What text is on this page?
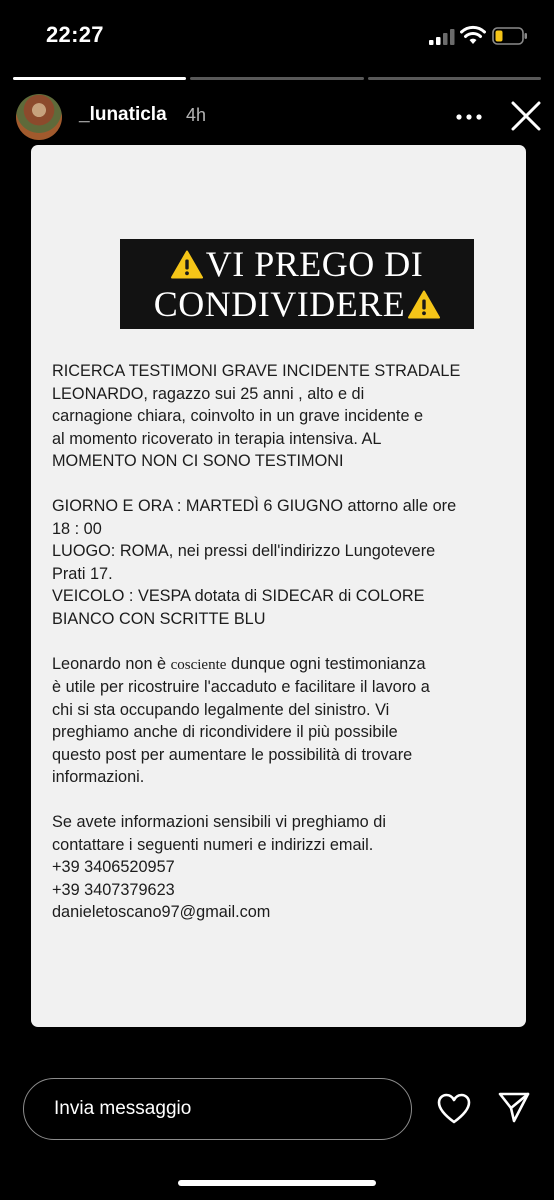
22:27
_lunaticla 4h
VI PREGO DI
CONDIVIDERE

RICERCA TESTIMONI GRAVE INCIDENTE STRADALE
LEONARDO, ragazzo sui 25 anni , alto e di
carnagione chiara, coinvolto in un grave incidente e
al momento ricoverato in terapia intensiva. AL
MOMENTO NON CI SONO TESTIMONI

GIORNO E ORA : MARTEDÌ 6 GIUGNO attorno alle ore
18 : 00
LUOGO: ROMA, nei pressi dell'indirizzo Lungotevere
Prati 17.
VEICOLO : VESPA dotata di SIDECAR di COLORE
BIANCO CON SCRITTE BLU

Leonardo non è cosciente dunque ogni testimonianza
è utile per ricostruire l'accaduto e facilitare il lavoro a
chi si sta occupando legalmente del sinistro. Vi
preghiamo anche di ricondividere il più possibile
questo post per aumentare le possibilità di trovare
informazioni.

Se avete informazioni sensibili vi preghiamo di
contattare i seguenti numeri e indirizzi email.

+39 3406520957

+39 3407379623

danieletoscano97@gmail.com

Invia messaggio
